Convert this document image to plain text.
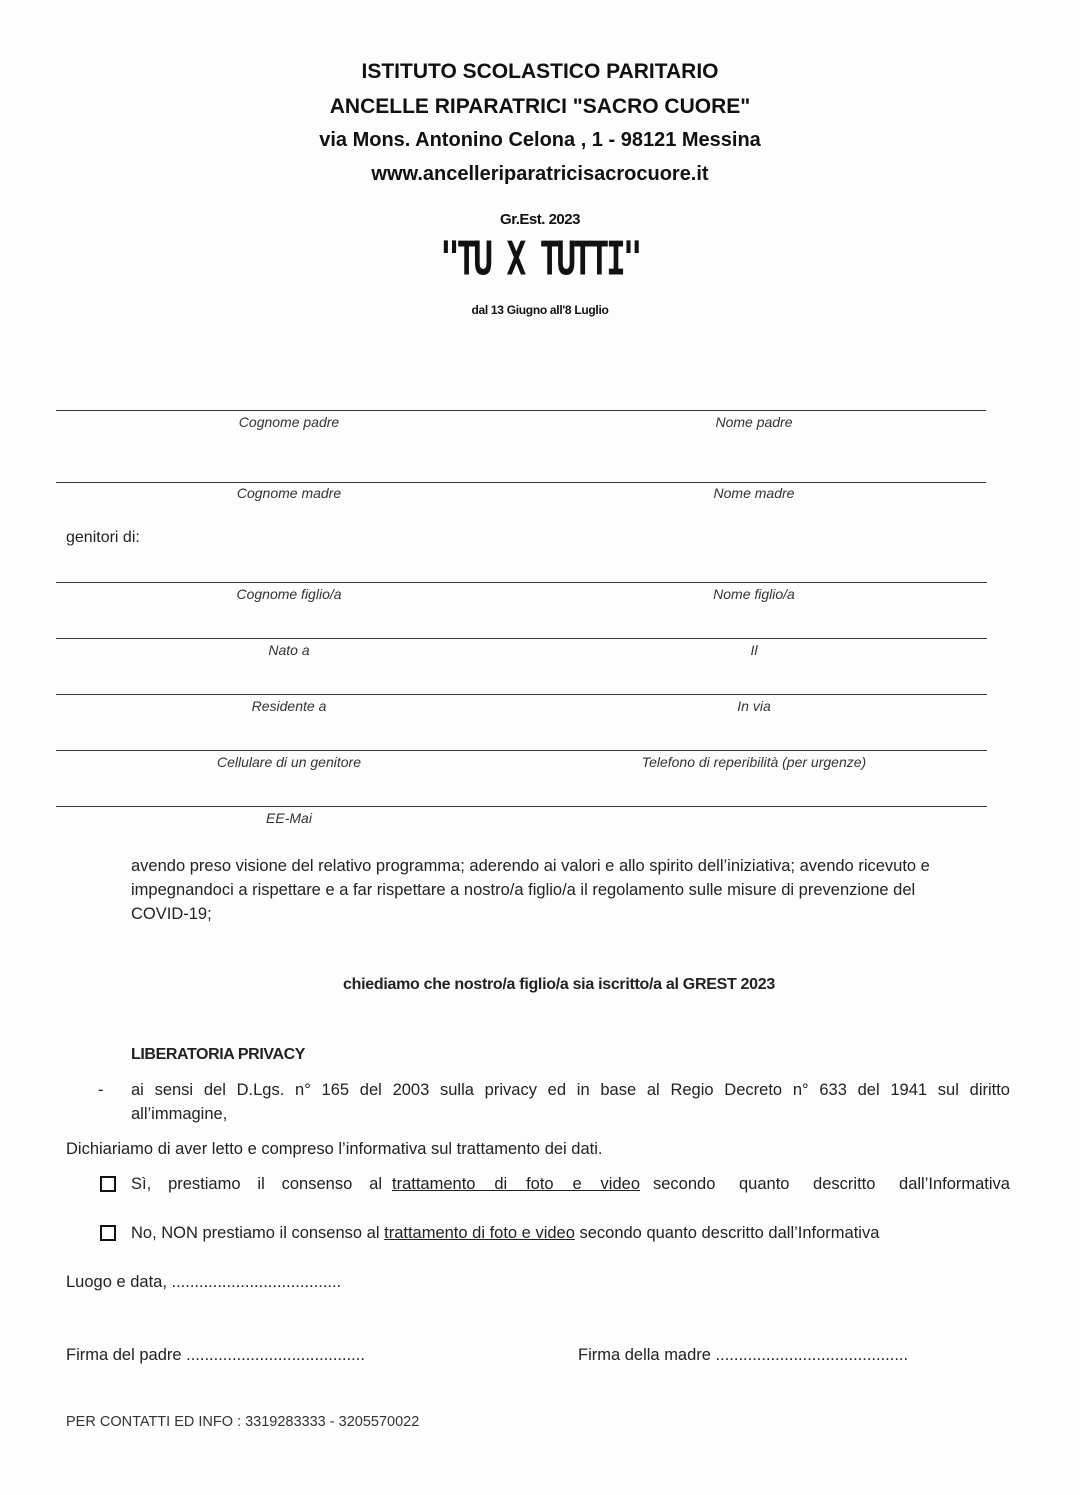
ISTITUTO SCOLASTICO PARITARIO
ANCELLE RIPARATRICI "SACRO CUORE"
via Mons. Antonino Celona , 1 - 98121 Messina
www.ancelleriparatricisacrocuore.it
Gr.Est. 2023
"TU X TUTTI"
dal 13 Giugno all'8 Luglio
Cognome padre	Nome padre
Cognome madre	Nome madre
genitori di:
Cognome figlio/a	Nome figlio/a
Nato a	Il
Residente a	In via
Cellulare di un genitore	Telefono di reperibilità (per urgenze)
EE-Mai
avendo preso visione del relativo programma; aderendo ai valori e allo spirito dell’iniziativa; avendo ricevuto e
impegnandoci a rispettare e a far rispettare a nostro/a figlio/a il regolamento sulle misure di prevenzione del
COVID-19;
chiediamo che nostro/a figlio/a sia iscritto/a al GREST 2023
LIBERATORIA PRIVACY
- ai sensi del D.Lgs. n° 165 del 2003 sulla privacy ed in base al Regio Decreto n° 633 del 1941 sul diritto
all’immagine,
Dichiariamo di aver letto e compreso l’informativa sul trattamento dei dati.
Sì, prestiamo il consenso al trattamento di foto e video secondo quanto descritto dall’Informativa
No, NON prestiamo il consenso al trattamento di foto e video secondo quanto descritto dall’Informativa
Luogo e data, .....................................
Firma del padre .......................................	Firma della madre ..........................................
PER CONTATTI ED INFO : 3319283333 - 3205570022
